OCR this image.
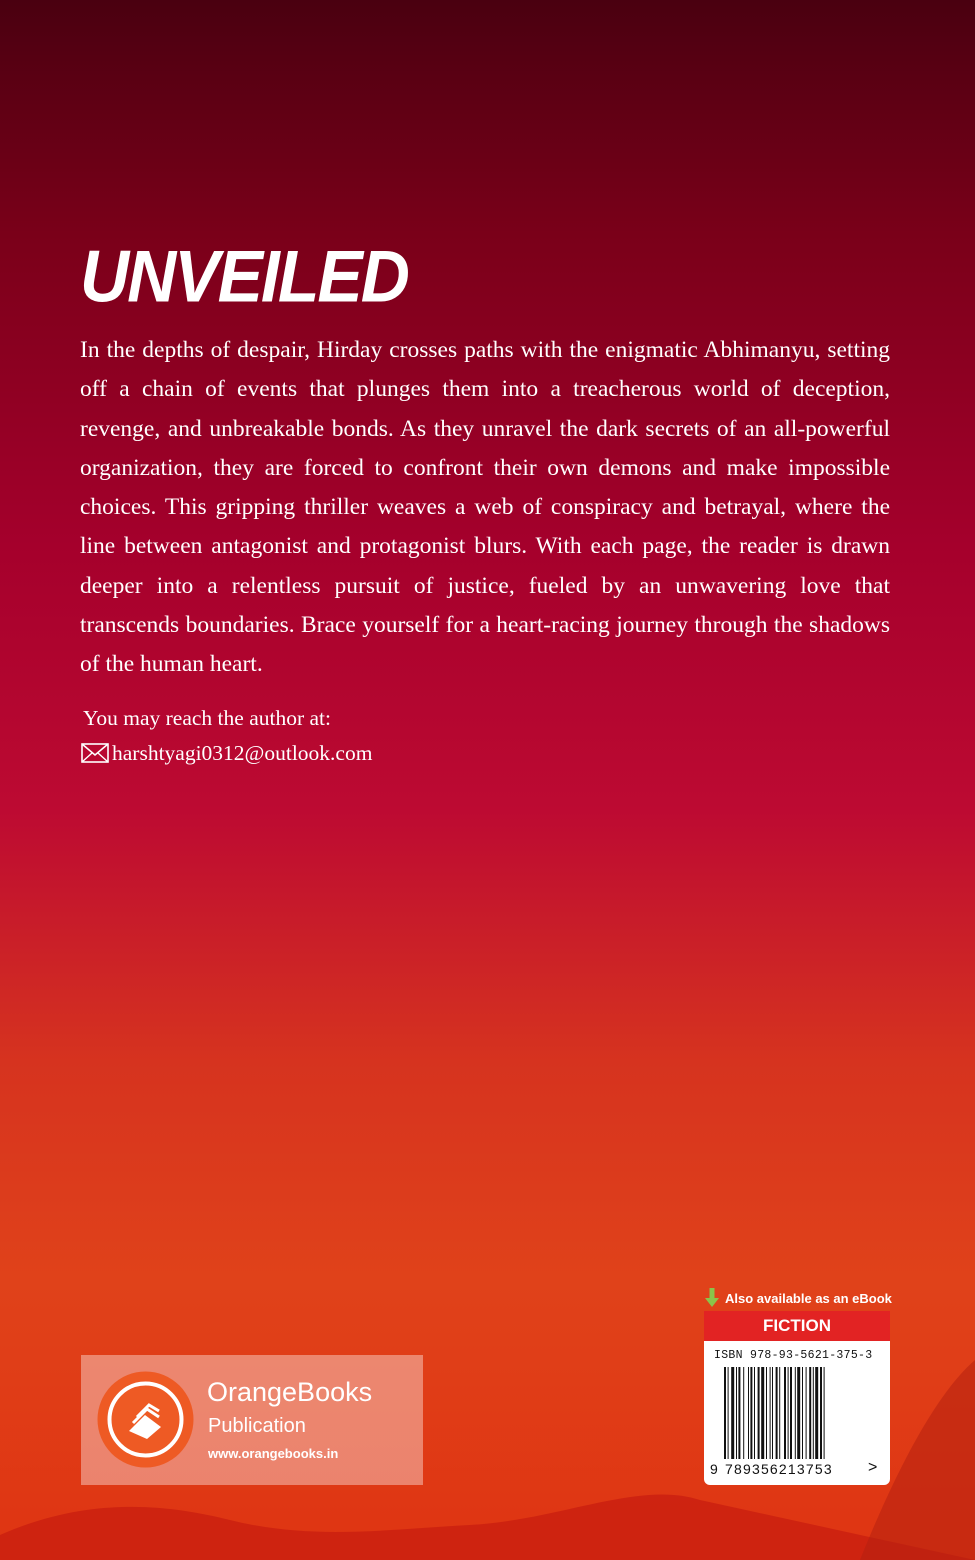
UNVEILED

In the depths of despair, Hirday crosses paths with the enigmatic Abhimanyu, setting off a chain of events that plunges them into a treacherous world of deception, revenge, and unbreakable bonds. As they unravel the dark secrets of an all-powerful organization, they are forced to confront their own demons and make impossible choices. This gripping thriller weaves a web of conspiracy and betrayal, where the line between antagonist and protagonist blurs. With each page, the reader is drawn deeper into a relentless pursuit of justice, fueled by an unwavering love that transcends boundaries. Brace yourself for a heart-racing journey through the shadows of the human heart.

You may reach the author at:
harshtyagi0312@outlook.com
OrangeBooks
Publication
www.orangebooks.in
Also available as an eBook
FICTION
ISBN 978-93-5621-375-3
9 789356213753 >
